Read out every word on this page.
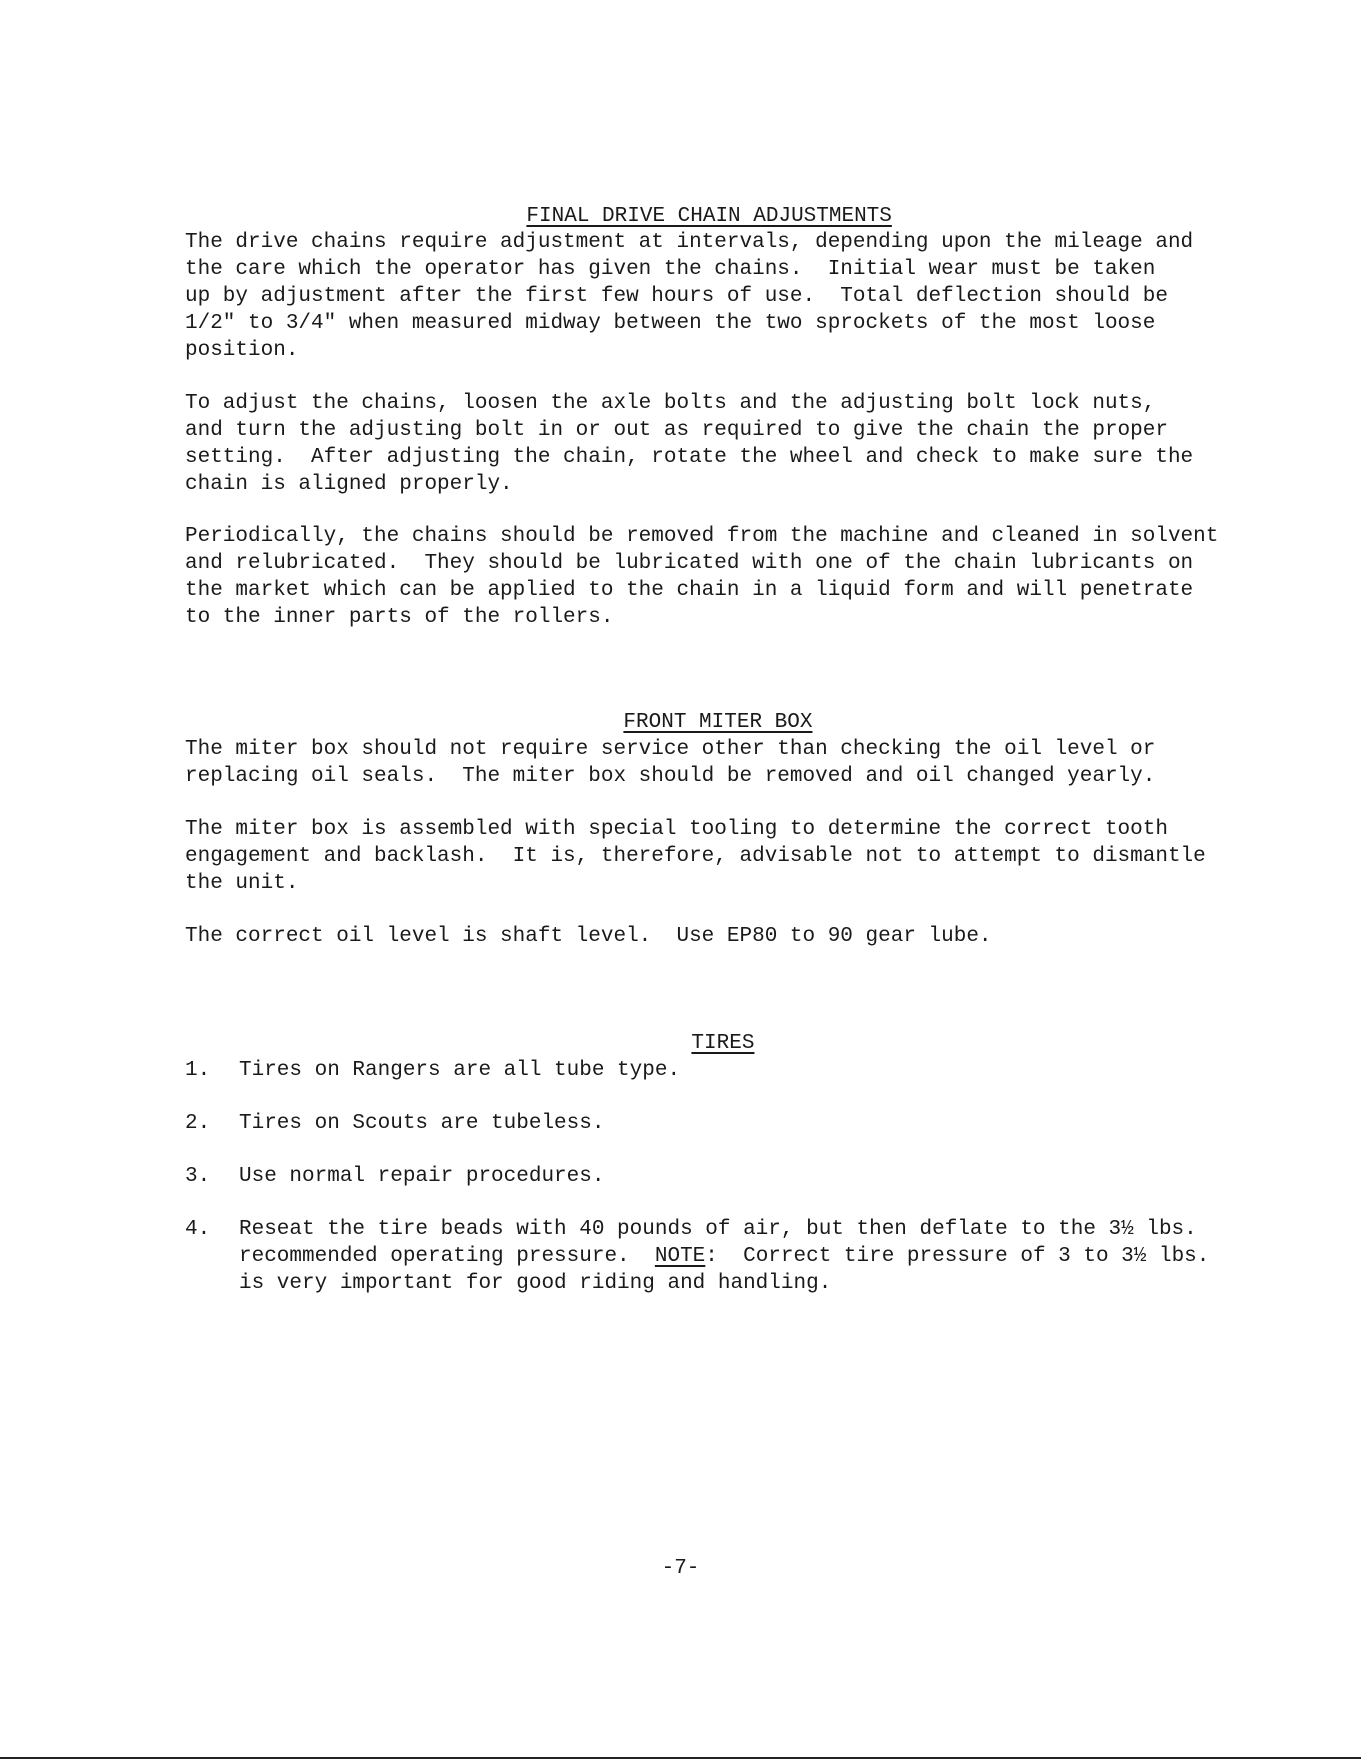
FINAL DRIVE CHAIN ADJUSTMENTS

The drive chains require adjustment at intervals, depending upon the mileage and
the care which the operator has given the chains.  Initial wear must be taken
up by adjustment after the first few hours of use.  Total deflection should be
1/2" to 3/4" when measured midway between the two sprockets of the most loose
position.
To adjust the chains, loosen the axle bolts and the adjusting bolt lock nuts,
and turn the adjusting bolt in or out as required to give the chain the proper
setting.  After adjusting the chain, rotate the wheel and check to make sure the
chain is aligned properly.
Periodically, the chains should be removed from the machine and cleaned in solvent
and relubricated.  They should be lubricated with one of the chain lubricants on
the market which can be applied to the chain in a liquid form and will penetrate
to the inner parts of the rollers.

FRONT MITER BOX

The miter box should not require service other than checking the oil level or
replacing oil seals.  The miter box should be removed and oil changed yearly.
The miter box is assembled with special tooling to determine the correct tooth
engagement and backlash.  It is, therefore, advisable not to attempt to dismantle
the unit.
The correct oil level is shaft level.  Use EP80 to 90 gear lube.

TIRES

1. Tires on Rangers are all tube type.
2. Tires on Scouts are tubeless.
3. Use normal repair procedures.
4. Reseat the tire beads with 40 pounds of air, but then deflate to the 3½ lbs.
recommended operating pressure.  NOTE:  Correct tire pressure of 3 to 3½ lbs.
is very important for good riding and handling.
-7-
